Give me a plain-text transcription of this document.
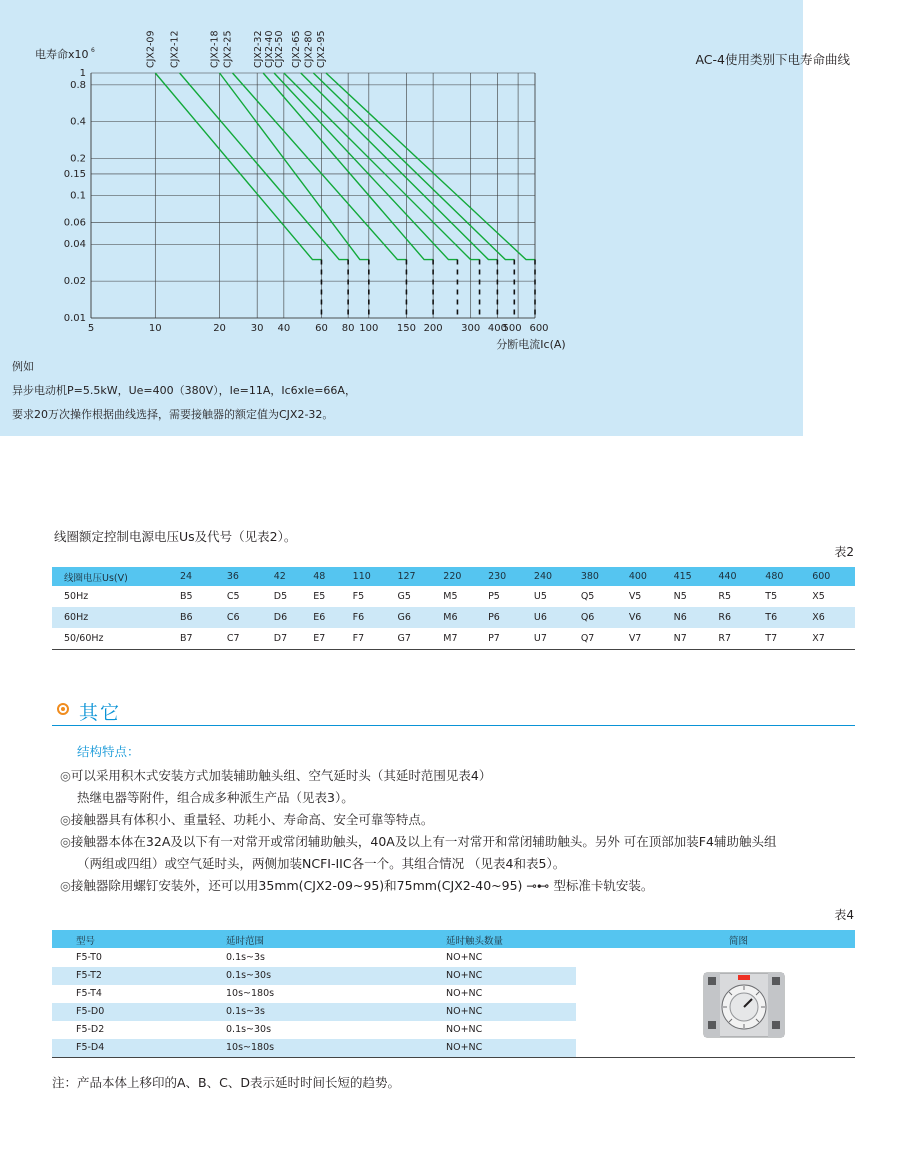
AC-4使用类别下电寿命曲线
5	10	20 30 40 60 80 100 150 200 300 400
500 600
1
0.8
0.4
0.2
0.15
0.1
0.06
0.04
0.02
0.01
电寿命x10 6
分断电流Ic(A)
CJX2-09 CJX2-12	CJX2-18 CJX2-25 CJX2-32 CJX2-40
CJX2-50 CJX2-65 CJX2-80 CJX2-95
例如
异步电动机P=5.5kW，Ue=400（380V），Ie=11A，Ic6xIe=66A，
要求20万次操作根据曲线选择，需要接触器的额定值为CJX2-32。
线圈额定控制电源电压Us及代号（见表2）。
表2
线圈电压Us(V)	24	36	42	48	110	127	220	230	240	380	400	415	440	480	600
50Hz	B5	C5	D5	E5	F5	G5	M5	P5	U5	Q5	V5	N5	R5	T5	X5
60Hz	B6	C6	D6	E6	F6	G6	M6	P6	U6	Q6	V6	N6	R6	T6	X6
50/60Hz	B7	C7	D7	E7	F7	G7	M7	P7	U7	Q7	V7	N7	R7	T7	X7
其它
结构特点：
◎可以采用积木式安装方式加装辅助触头组、空气延时头（其延时范围见表4）
热继电器等附件，组合成多种派生产品（见表3）。
◎接触器具有体积小、重量轻、功耗小、寿命高、安全可靠等特点。
◎接触器本体在32A及以下有一对常开或常闭辅助触头，40A及以上有一对常开和常闭辅助触头。另外 可在顶部加装F4辅助触头组
（两组或四组）或空气延时头，两侧加装NCFI-IIC各一个。其组合情况 （见表4和表5）。
◎接触器除用螺钉安装外，还可以用35mm(CJX2-09~95)和75mm(CJX2-40~95) ⊸⊷ 型标准卡轨安装。
表4
型号	延时范围	延时触头数量	简图
F5-T0	0.1s~3s	NO+NC
F5-T2	0.1s~30s	NO+NC
F5-T4	10s~180s	NO+NC
F5-D0	0.1s~3s	NO+NC
F5-D2	0.1s~30s	NO+NC
F5-D4	10s~180s	NO+NC
注：产品本体上移印的A、B、C、D表示延时时间长短的趋势。
